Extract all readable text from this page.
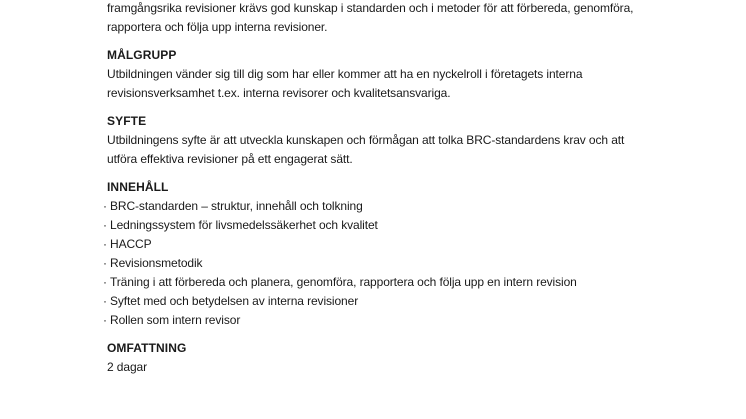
framgångsrika revisioner krävs god kunskap i standarden och i metoder för att förbereda, genomföra,

rapportera och följa upp interna revisioner.

MÅLGRUPP

Utbildningen vänder sig till dig som har eller kommer att ha en nyckelroll i företagets interna

revisionsverksamhet t.ex. interna revisorer och kvalitetsansvariga.

SYFTE

Utbildningens syfte är att utveckla kunskapen och förmågan att tolka BRC-standardens krav och att

utföra effektiva revisioner på ett engagerat sätt.

INNEHÅLL

· BRC-standarden – struktur, innehåll och tolkning
· Ledningssystem för livsmedelssäkerhet och kvalitet
· HACCP
· Revisionsmetodik
· Träning i att förbereda och planera, genomföra, rapportera och följa upp en intern revision
· Syftet med och betydelsen av interna revisioner
· Rollen som intern revisor

OMFATTNING

2 dagar
